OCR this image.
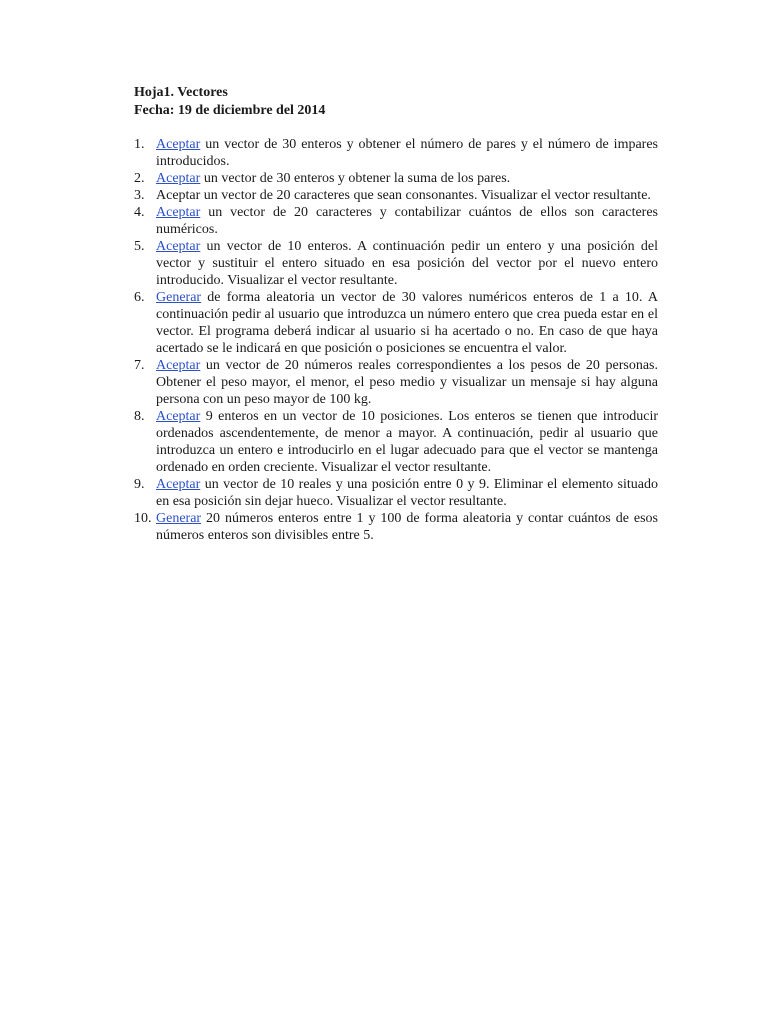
Hoja1. Vectores
Fecha: 19 de diciembre del 2014
1. Aceptar un vector de 30 enteros y obtener el número de pares y el número de impares introducidos.
2. Aceptar un vector de 30 enteros y obtener la suma de los pares.
3. Aceptar un vector de 20 caracteres que sean consonantes. Visualizar el vector resultante.
4. Aceptar un vector de 20 caracteres y contabilizar cuántos de ellos son caracteres numéricos.
5. Aceptar un vector de 10 enteros. A continuación pedir un entero y una posición del vector y sustituir el entero situado en esa posición del vector por el nuevo entero introducido. Visualizar el vector resultante.
6. Generar de forma aleatoria un vector de 30 valores numéricos enteros de 1 a 10. A continuación pedir al usuario que introduzca un número entero que crea pueda estar en el vector. El programa deberá indicar al usuario si ha acertado o no. En caso de que haya acertado se le indicará en que posición o posiciones se encuentra el valor.
7. Aceptar un vector de 20 números reales correspondientes a los pesos de 20 personas. Obtener el peso mayor, el menor, el peso medio y visualizar un mensaje si hay alguna persona con un peso mayor de 100 kg.
8. Aceptar 9 enteros en un vector de 10 posiciones. Los enteros se tienen que introducir ordenados ascendentemente, de menor a mayor. A continuación, pedir al usuario que introduzca un entero e introducirlo en el lugar adecuado para que el vector se mantenga ordenado en orden creciente. Visualizar el vector resultante.
9. Aceptar un vector de 10 reales y una posición entre 0 y 9. Eliminar el elemento situado en esa posición sin dejar hueco. Visualizar el vector resultante.
10. Generar 20 números enteros entre 1 y 100 de forma aleatoria y contar cuántos de esos números enteros son divisibles entre 5.
